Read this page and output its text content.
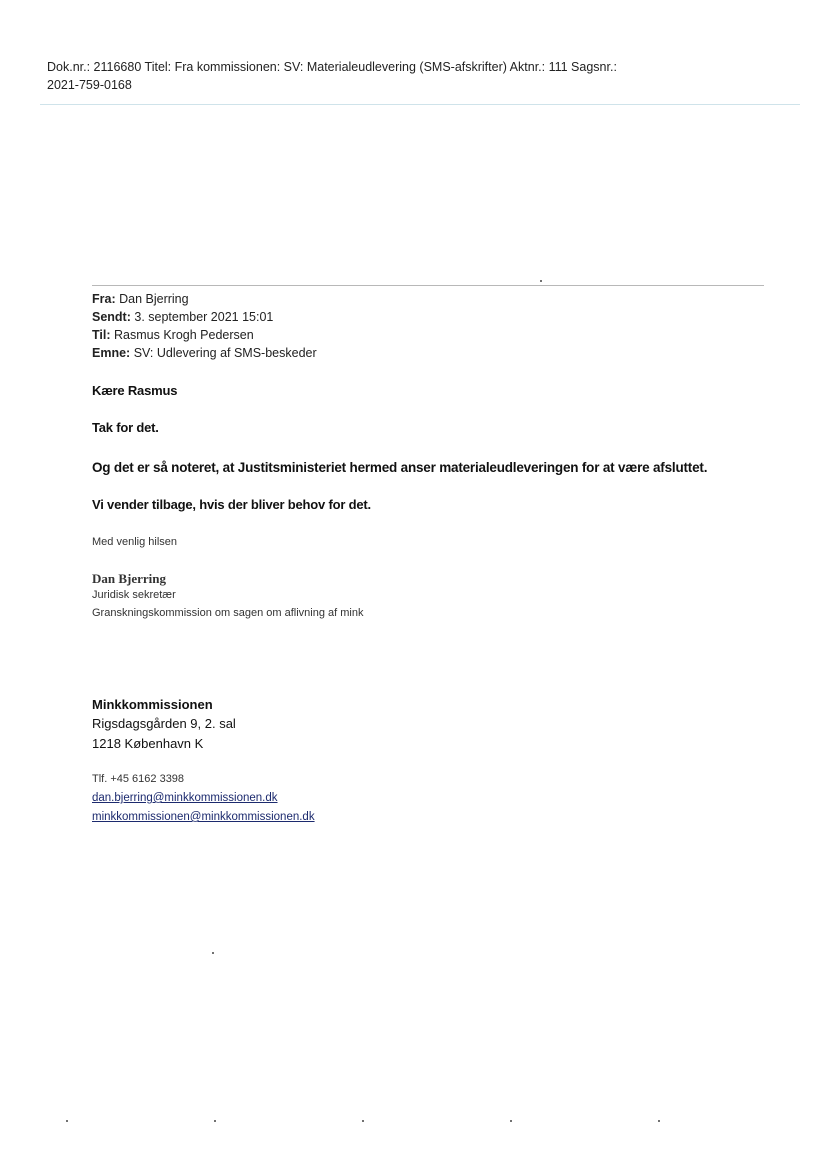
Dok.nr.: 2116680 Titel: Fra kommissionen: SV: Materialeudlevering (SMS-afskrifter) Aktnr.: 111 Sagsnr.:
2021-759-0168
Fra: Dan Bjerring
Sendt: 3. september 2021 15:01
Til: Rasmus Krogh Pedersen
Emne: SV: Udlevering af SMS-beskeder
Kære Rasmus
Tak for det.
Og det er så noteret, at Justitsministeriet hermed anser materialeudleveringen for at være afsluttet.
Vi vender tilbage, hvis der bliver behov for det.
Med venlig hilsen
Dan Bjerring
Juridisk sekretær
Granskningskommission om sagen om aflivning af mink
Minkkommissionen
Rigsdagsgården 9, 2. sal
1218 København K
Tlf. +45 6162 3398
dan.bjerring@minkkommissionen.dk
minkkommissionen@minkkommissionen.dk
